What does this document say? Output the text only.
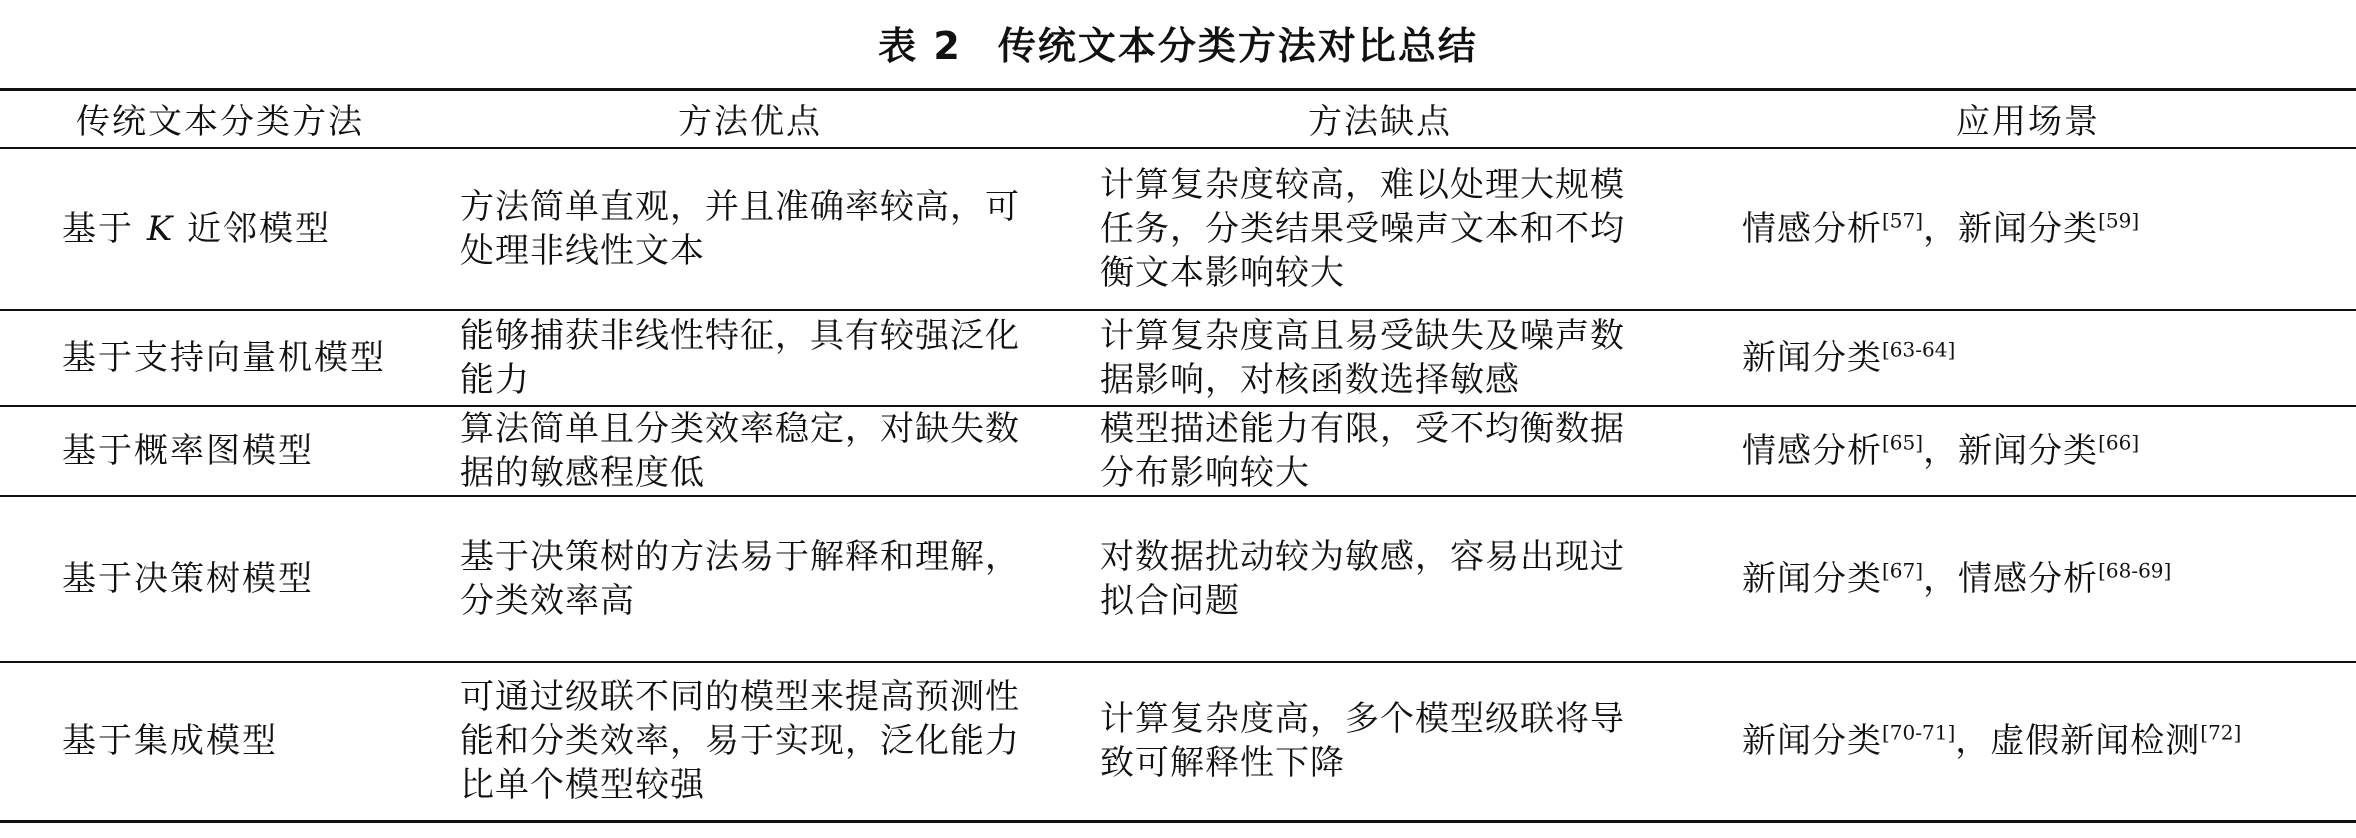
表 2 传统文本分类方法对比总结
传统文本分类方法	方法优点	方法缺点	应用场景
基于 K 近邻模型	方法简单直观，并且准确率较高，可处理非线性文本	计算复杂度较高，难以处理大规模任务，分类结果受噪声文本和不均衡文本影响较大	情感分析[57]，新闻分类[59]
基于支持向量机模型	能够捕获非线性特征，具有较强泛化能力	计算复杂度高且易受缺失及噪声数据影响，对核函数选择敏感	新闻分类[63-64]
基于概率图模型	算法简单且分类效率稳定，对缺失数据的敏感程度低	模型描述能力有限，受不均衡数据分布影响较大	情感分析[65]，新闻分类[66]
基于决策树模型	基于决策树的方法易于解释和理解，分类效率高	对数据扰动较为敏感，容易出现过拟合问题	新闻分类[67]，情感分析[68-69]
基于集成模型	可通过级联不同的模型来提高预测性能和分类效率，易于实现，泛化能力比单个模型较强	计算复杂度高，多个模型级联将导致可解释性下降	新闻分类[70-71]，虚假新闻检测[72]
